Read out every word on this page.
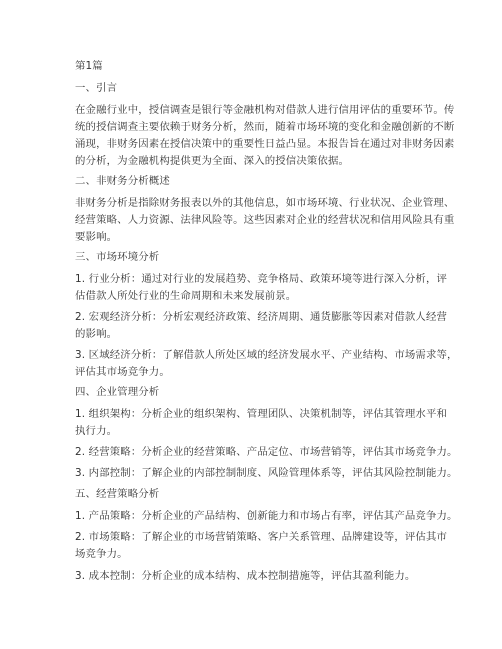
第1篇
一、引言
在金融行业中，授信调查是银行等金融机构对借款人进行信用评估的重要环节。传
统的授信调查主要依赖于财务分析，然而，随着市场环境的变化和金融创新的不断
涌现，非财务因素在授信决策中的重要性日益凸显。本报告旨在通过对非财务因素
的分析，为金融机构提供更为全面、深入的授信决策依据。
二、非财务分析概述
非财务分析是指除财务报表以外的其他信息，如市场环境、行业状况、企业管理、
经营策略、人力资源、法律风险等。这些因素对企业的经营状况和信用风险具有重
要影响。
三、市场环境分析
1. 行业分析：通过对行业的发展趋势、竞争格局、政策环境等进行深入分析，评
估借款人所处行业的生命周期和未来发展前景。
2. 宏观经济分析：分析宏观经济政策、经济周期、通货膨胀等因素对借款人经营
的影响。
3. 区域经济分析：了解借款人所处区域的经济发展水平、产业结构、市场需求等，
评估其市场竞争力。
四、企业管理分析
1. 组织架构：分析企业的组织架构、管理团队、决策机制等，评估其管理水平和
执行力。
2. 经营策略：分析企业的经营策略、产品定位、市场营销等，评估其市场竞争力。
3. 内部控制：了解企业的内部控制制度、风险管理体系等，评估其风险控制能力。
五、经营策略分析
1. 产品策略：分析企业的产品结构、创新能力和市场占有率，评估其产品竞争力。
2. 市场策略：了解企业的市场营销策略、客户关系管理、品牌建设等，评估其市
场竞争力。
3. 成本控制：分析企业的成本结构、成本控制措施等，评估其盈利能力。
